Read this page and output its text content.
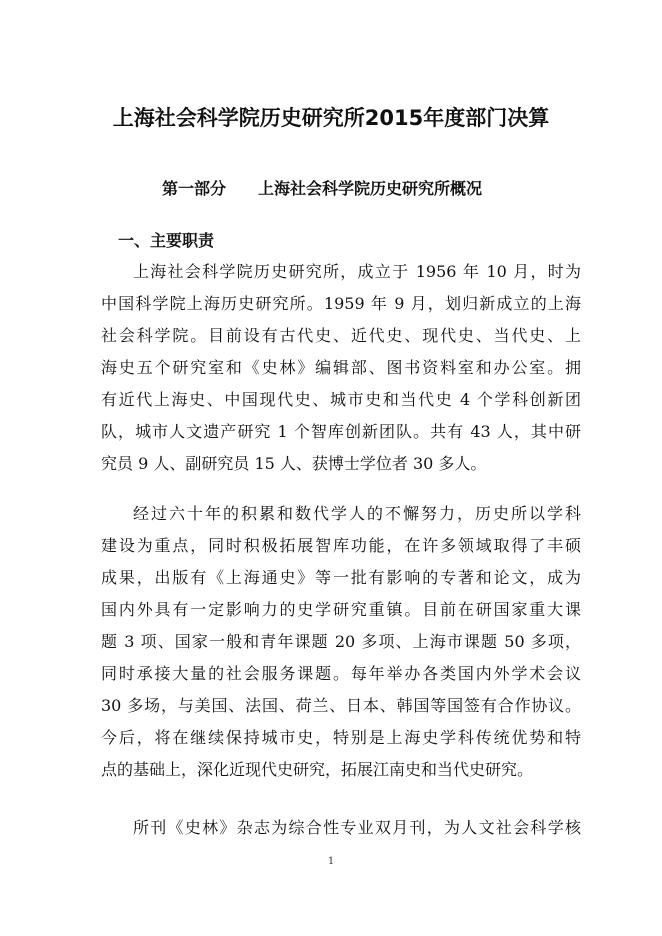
上海社会科学院历史研究所2015年度部门决算
第一部分 上海社会科学院历史研究所概况
一、主要职责
上海社会科学院历史研究所，成立于 1956 年 10 月，时为
中国科学院上海历史研究所。1959 年 9 月，划归新成立的上海
社会科学院。目前设有古代史、近代史、现代史、当代史、上
海史五个研究室和《史林》编辑部、图书资料室和办公室。拥
有近代上海史、中国现代史、城市史和当代史 4 个学科创新团
队，城市人文遗产研究 1 个智库创新团队。共有 43 人，其中研
究员 9 人、副研究员 15 人、获博士学位者 30 多人。
经过六十年的积累和数代学人的不懈努力，历史所以学科
建设为重点，同时积极拓展智库功能，在许多领域取得了丰硕
成果，出版有《上海通史》等一批有影响的专著和论文，成为
国内外具有一定影响力的史学研究重镇。目前在研国家重大课
题 3 项、国家一般和青年课题 20 多项、上海市课题 50 多项，
同时承接大量的社会服务课题。每年举办各类国内外学术会议
30 多场，与美国、法国、荷兰、日本、韩国等国签有合作协议。
今后，将在继续保持城市史，特别是上海史学科传统优势和特
点的基础上，深化近现代史研究，拓展江南史和当代史研究。
所刊《史林》杂志为综合性专业双月刊，为人文社会科学核
1
